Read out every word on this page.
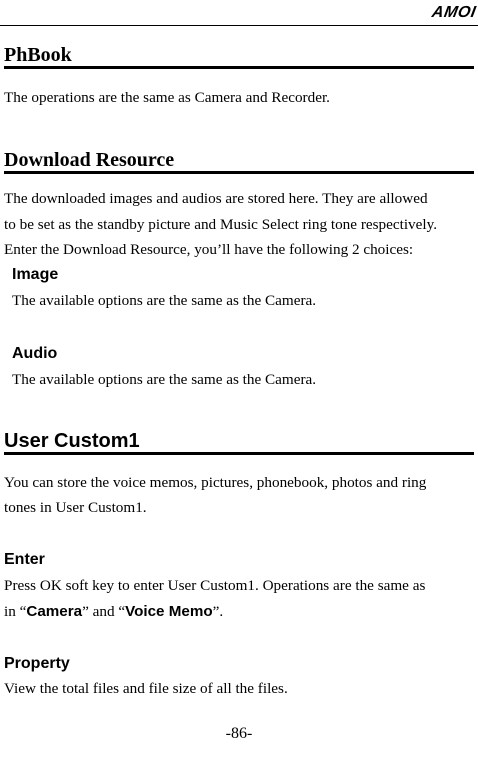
AMOI
PhBook

The operations are the same as Camera and Recorder.

Download Resource

The downloaded images and audios are stored here. They are allowed

to be set as the standby picture and Music Select ring tone respectively.

Enter the Download Resource, you’ll have the following 2 choices:

Image

The available options are the same as the Camera.

Audio

The available options are the same as the Camera.

User Custom1

You can store the voice memos, pictures, phonebook, photos and ring

tones in User Custom1.

Enter

Press OK soft key to enter User Custom1. Operations are the same as

in “Camera” and “Voice Memo”.

Property

View the total files and file size of all the files.

-86-
